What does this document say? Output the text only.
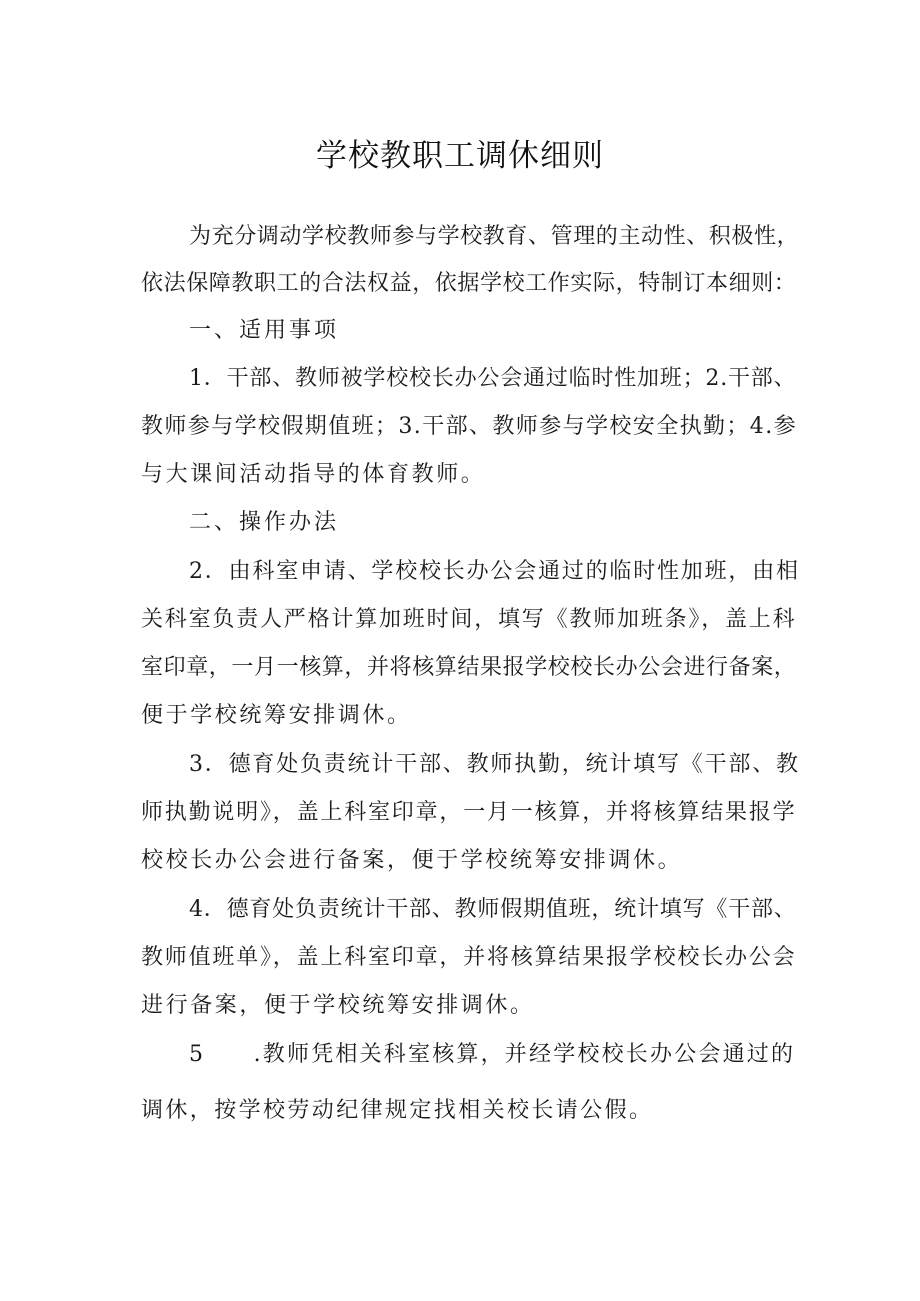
学校教职工调休细则
为充分调动学校教师参与学校教育、管理的主动性、积极性，
依法保障教职工的合法权益，依据学校工作实际，特制订本细则：
一、适用事项
1．干部、教师被学校校长办公会通过临时性加班；2.干部、
教师参与学校假期值班；3.干部、教师参与学校安全执勤；4.参
与大课间活动指导的体育教师。
二、操作办法
2．由科室申请、学校校长办公会通过的临时性加班，由相
关科室负责人严格计算加班时间，填写《教师加班条》，盖上科
室印章，一月一核算，并将核算结果报学校校长办公会进行备案，
便于学校统筹安排调休。
3．德育处负责统计干部、教师执勤，统计填写《干部、教
师执勤说明》，盖上科室印章，一月一核算，并将核算结果报学
校校长办公会进行备案，便于学校统筹安排调休。
4．德育处负责统计干部、教师假期值班，统计填写《干部、
教师值班单》，盖上科室印章，并将核算结果报学校校长办公会
进行备案，便于学校统筹安排调休。
5　　.教师凭相关科室核算，并经学校校长办公会通过的
调休，按学校劳动纪律规定找相关校长请公假。
